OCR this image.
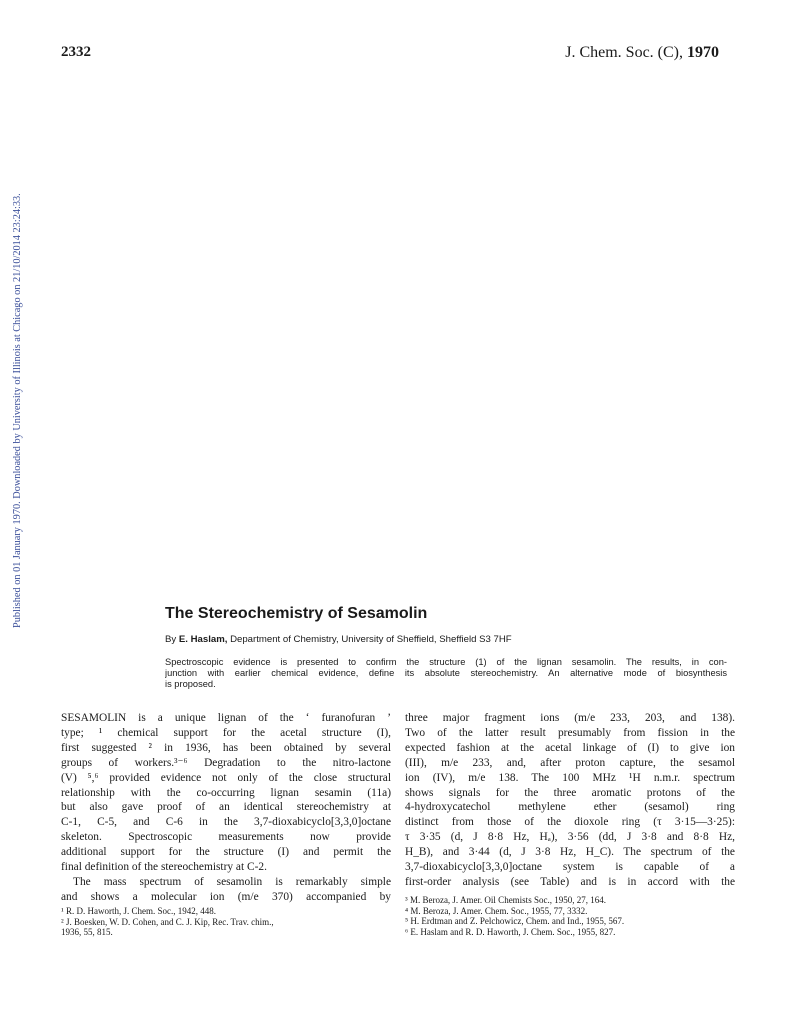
2332	J. Chem. Soc. (C), 1970
Published on 01 January 1970. Downloaded by University of Illinois at Chicago on 21/10/2014 23:24:33.	The Stereochemistry of Sesamolin
By E. Haslam, Department of Chemistry, University of Sheffield, Sheffield S3 7HF
Spectroscopic evidence is presented to confirm the structure (1) of the lignan sesamolin. The results, in con-
junction with earlier chemical evidence, define its absolute stereochemistry. An alternative mode of biosynthesis
is proposed.
SESAMOLIN is a unique lignan of the ‘ furanofuran ’
type; ¹ chemical support for the acetal structure (I),
first suggested ² in 1936, has been obtained by several
groups of workers.³⁻⁶ Degradation to the nitro-lactone
(V) ⁵,⁶ provided evidence not only of the close structural
relationship with the co-occurring lignan sesamin (11a)
but also gave proof of an identical stereochemistry at
C-1, C-5, and C-6 in the 3,7-dioxabicyclo[3,3,0]octane
skeleton. Spectroscopic measurements now provide
additional support for the structure (I) and permit the
final definition of the stereochemistry at C-2.
The mass spectrum of sesamolin is remarkably simple
and shows a molecular ion (m/e 370) accompanied by
three major fragment ions (m/e 233, 203, and 138).
Two of the latter result presumably from fission in the
expected fashion at the acetal linkage of (I) to give ion
(III), m/e 233, and, after proton capture, the sesamol
ion (IV), m/e 138. The 100 MHz ¹H n.m.r. spectrum
shows signals for the three aromatic protons of the
4-hydroxycatechol methylene ether (sesamol) ring
distinct from those of the dioxole ring (τ 3·15—3·25):
τ 3·35 (d, J 8·8 Hz, Hₐ), 3·56 (dd, J 3·8 and 8·8 Hz,
H_B), and 3·44 (d, J 3·8 Hz, H_C). The spectrum of the
3,7-dioxabicyclo[3,3,0]octane system is capable of a
first-order analysis (see Table) and is in accord with the
¹ R. D. Haworth, J. Chem. Soc., 1942, 448.
² J. Boesken, W. D. Cohen, and C. J. Kip, Rec. Trav. chim.,
1936, 55, 815.
³ M. Beroza, J. Amer. Oil Chemists Soc., 1950, 27, 164.
⁴ M. Beroza, J. Amer. Chem. Soc., 1955, 77, 3332.
⁵ H. Erdtman and Z. Pelchowicz, Chem. and Ind., 1955, 567.
⁶ E. Haslam and R. D. Haworth, J. Chem. Soc., 1955, 827.
